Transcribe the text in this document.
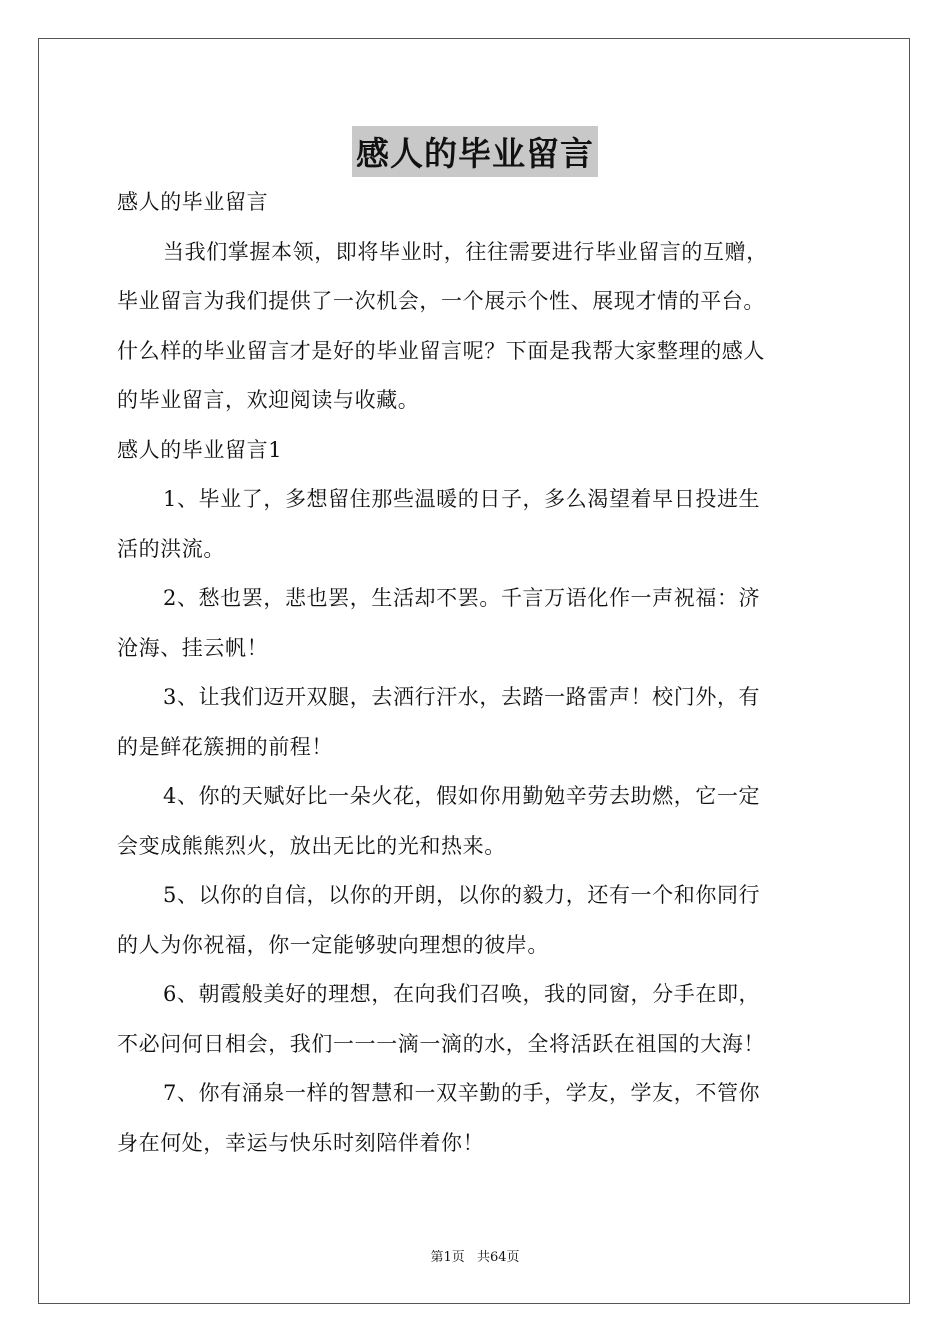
感人的毕业留言
感人的毕业留言
当我们掌握本领，即将毕业时，往往需要进行毕业留言的互赠，
毕业留言为我们提供了一次机会，一个展示个性、展现才情的平台。
什么样的毕业留言才是好的毕业留言呢？下面是我帮大家整理的感人
的毕业留言，欢迎阅读与收藏。
感人的毕业留言1
1、毕业了，多想留住那些温暖的日子，多么渴望着早日投进生
活的洪流。
2、愁也罢，悲也罢，生活却不罢。千言万语化作一声祝福：济
沧海、挂云帆！
3、让我们迈开双腿，去洒行汗水，去踏一路雷声！校门外，有
的是鲜花簇拥的前程！
4、你的天赋好比一朵火花，假如你用勤勉辛劳去助燃，它一定
会变成熊熊烈火，放出无比的光和热来。
5、以你的自信，以你的开朗，以你的毅力，还有一个和你同行
的人为你祝福，你一定能够驶向理想的彼岸。
6、朝霞般美好的理想，在向我们召唤，我的同窗，分手在即，
不必问何日相会，我们一一一滴一滴的水，全将活跃在祖国的大海！
7、你有涌泉一样的智慧和一双辛勤的手，学友，学友，不管你
身在何处，幸运与快乐时刻陪伴着你！
第1页 共64页
